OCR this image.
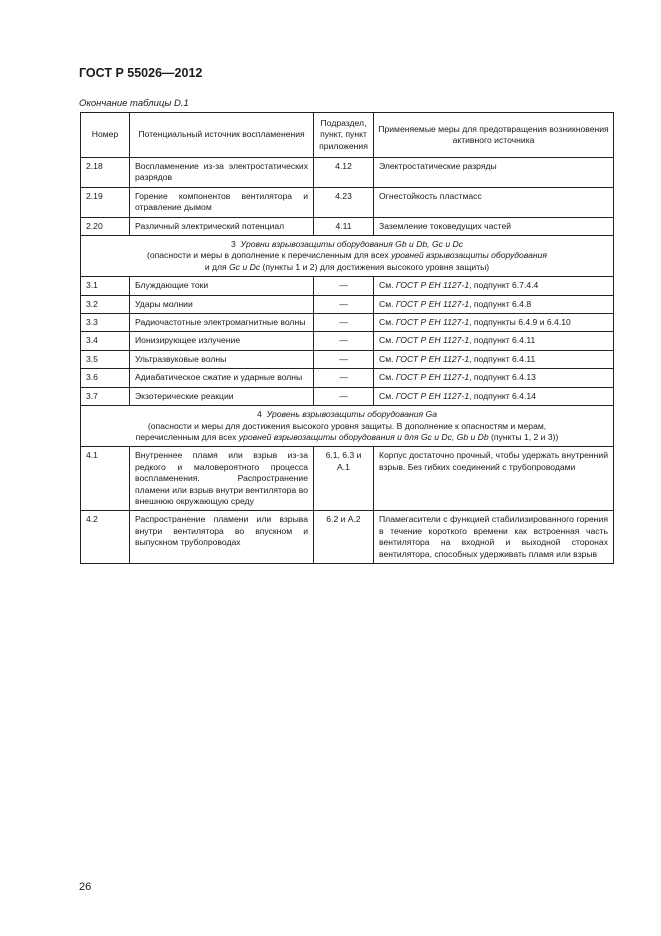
ГОСТ Р 55026—2012
Окончание таблицы D.1
Номер	Потенциальный источник воспламенения	Подраздел, пункт, пункт приложения	Применяемые меры для предотвращения возникновения активного источника
2.18	Воспламенение из-за электростатических разрядов	4.12	Электростатические разряды
2.19	Горение компонентов вентилятора и отравление дымом	4.23	Огнестойкость пластмасс
2.20	Различный электрический потенциал	4.11	Заземление токоведущих частей

3 Уровни взрывозащиты оборудования Gb и Db, Gc и Dc
(опасности и меры в дополнение к перечисленным для всех уровней взрывозащиты оборудования
и для Gc и Dc (пункты 1 и 2) для достижения высокого уровня защиты)			

3.1	Блуждающие токи	—	См. ГОСТ Р ЕН 1127-1, подпункт 6.7.4.4
3.2	Удары молнии	—	См. ГОСТ Р ЕН 1127-1, подпункт 6.4.8
3.3	Радиочастотные электромагнитные волны	—	См. ГОСТ Р ЕН 1127-1, подпункты 6.4.9 и 6.4.10
3.4	Ионизирующее излучение	—	См. ГОСТ Р ЕН 1127-1, подпункт 6.4.11
3.5	Ультразвуковые волны	—	См. ГОСТ Р ЕН 1127-1, подпункт 6.4.11
3.6	Адиабатическое сжатие и ударные волны	—	См. ГОСТ Р ЕН 1127-1, подпункт 6.4.13
3.7	Экзотерические реакции	—	См. ГОСТ Р ЕН 1127-1, подпункт 6.4.14

4 Уровень взрывозащиты оборудования Ga
(опасности и меры для достижения высокого уровня защиты. В дополнение к опасностям и мерам,
перечисленным для всех уровней взрывозащиты оборудования и для Gc и Dc, Gb и Db (пункты 1, 2 и 3))			

4.1	Внутреннее пламя или взрыв из-за редкого и маловероятного процесса воспламенения. Распространение пламени или взрыв внутри вентилятора во внешнюю окружающую среду	6.1, 6.3 и А.1	Корпус достаточно прочный, чтобы удержать внутренний взрыв. Без гибких соединений с трубопроводами
4.2	Распространение пламени или взрыва внутри вентилятора во впускном и выпускном трубопроводах	6.2 и А.2	Пламегасители с функцией стабилизированного горения в течение короткого времени как встроенная часть вентилятора на входной и выходной сторонах вентилятора, способных удерживать пламя или взрыв
26
